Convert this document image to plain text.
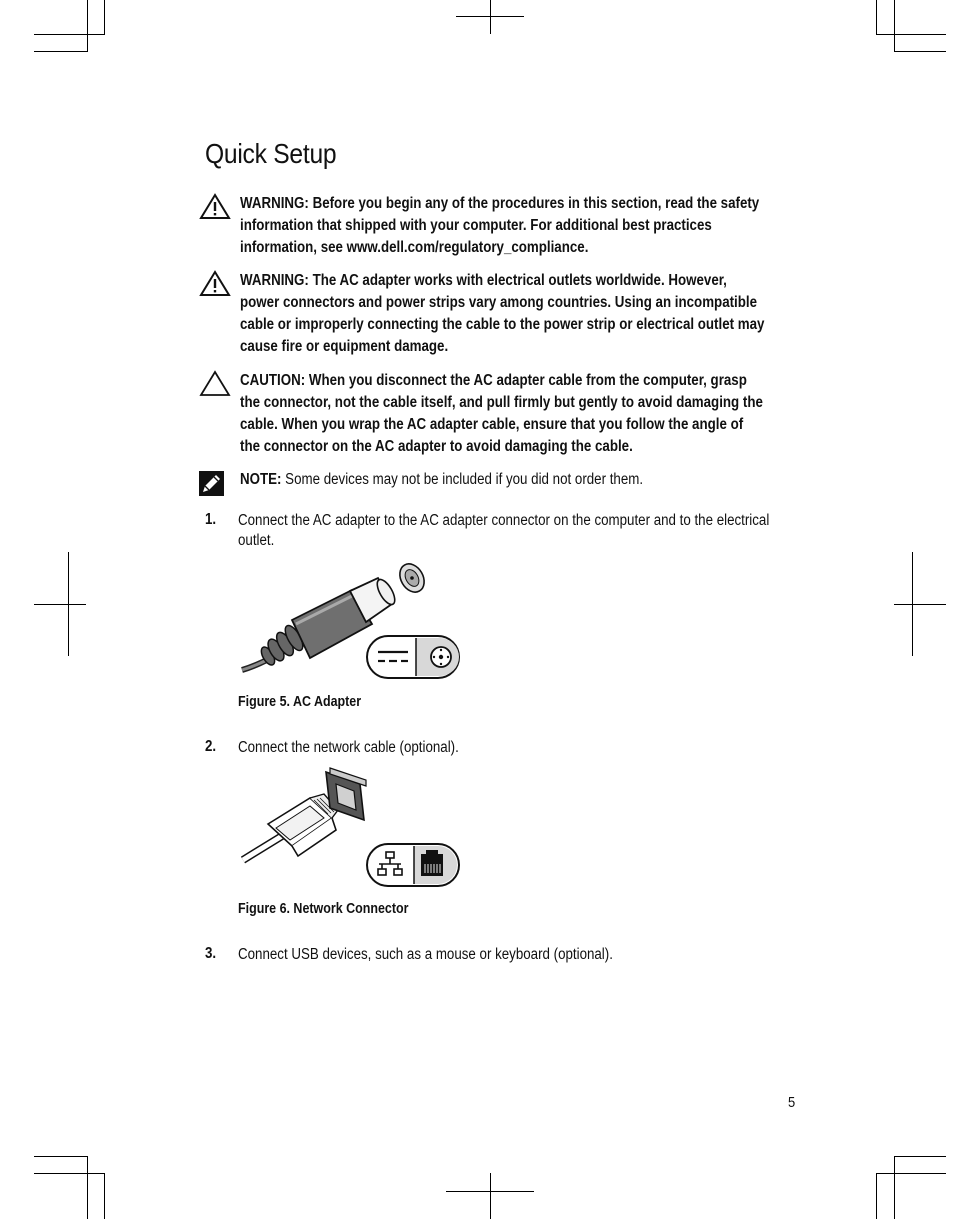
Quick Setup
WARNING: Before you begin any of the procedures in this section, read the safety information that shipped with your computer. For additional best practices information, see www.dell.com/regulatory_compliance.
WARNING: The AC adapter works with electrical outlets worldwide. However, power connectors and power strips vary among countries. Using an incompatible cable or improperly connecting the cable to the power strip or electrical outlet may cause fire or equipment damage.
CAUTION: When you disconnect the AC adapter cable from the computer, grasp the connector, not the cable itself, and pull firmly but gently to avoid damaging the cable. When you wrap the AC adapter cable, ensure that you follow the angle of the connector on the AC adapter to avoid damaging the cable.
NOTE: Some devices may not be included if you did not order them.
1. Connect the AC adapter to the AC adapter connector on the computer and to the electrical outlet.
Figure 5. AC Adapter
2. Connect the network cable (optional).
Figure 6. Network Connector
3. Connect USB devices, such as a mouse or keyboard (optional).
5
